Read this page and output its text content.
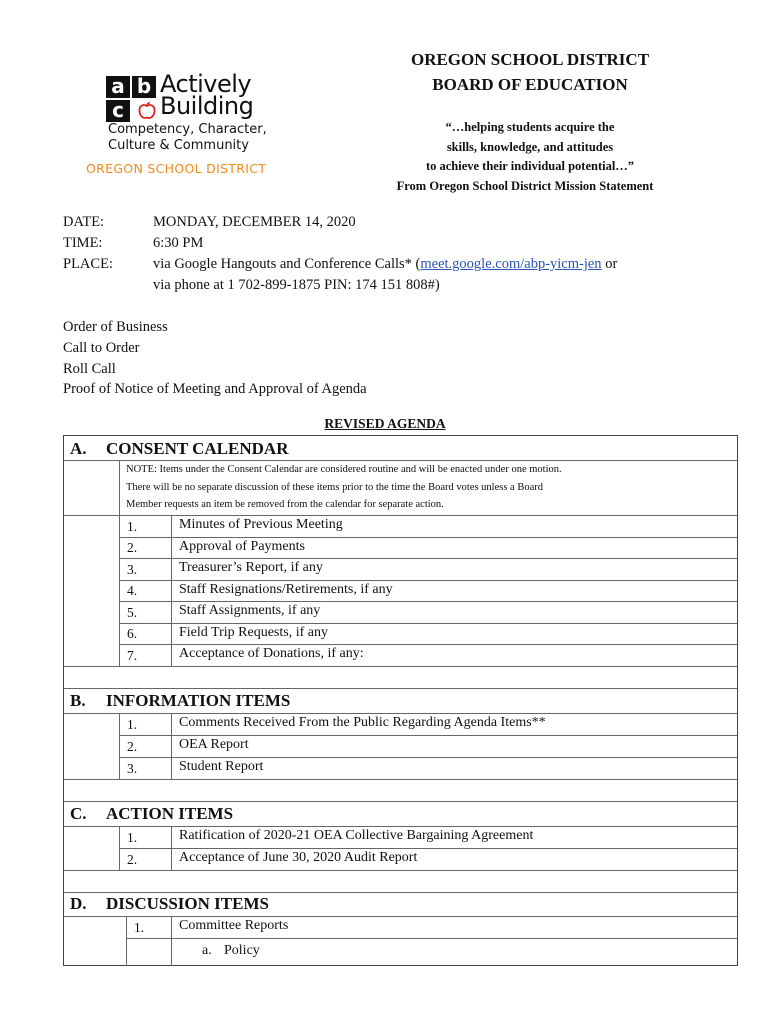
a b
c
Actively
Building
Competency, Character,
Culture & Community
OREGON SCHOOL DISTRICT
OREGON SCHOOL DISTRICT
BOARD OF EDUCATION
“…helping students acquire the
skills, knowledge, and attitudes
to achieve their individual potential…”
From Oregon School District Mission Statement
DATE:	MONDAY, DECEMBER 14, 2020
TIME:	6:30 PM
PLACE:	via Google Hangouts and Conference Calls* (meet.google.com/abp-yicm-jen or
via phone at 1 702-899-1875 PIN: 174 151 808#)
Order of Business
Call to Order
Roll Call
Proof of Notice of Meeting and Approval of Agenda
REVISED AGENDA
A. CONSENT CALENDAR
NOTE: Items under the Consent Calendar are considered routine and will be enacted under one motion.
There will be no separate discussion of these items prior to the time the Board votes unless a Board
Member requests an item be removed from the calendar for separate action.
1.	Minutes of Previous Meeting
2.	Approval of Payments
3.	Treasurer’s Report, if any
4.	Staff Resignations/Retirements, if any
5.	Staff Assignments, if any
6.	Field Trip Requests, if any
7.	Acceptance of Donations, if any:
B. INFORMATION ITEMS
1.	Comments Received From the Public Regarding Agenda Items**
2.	OEA Report
3.	Student Report
C. ACTION ITEMS
1.	Ratification of 2020-21 OEA Collective Bargaining Agreement
2.	Acceptance of June 30, 2020 Audit Report
D. DISCUSSION ITEMS
1. Committee Reports
a. Policy
